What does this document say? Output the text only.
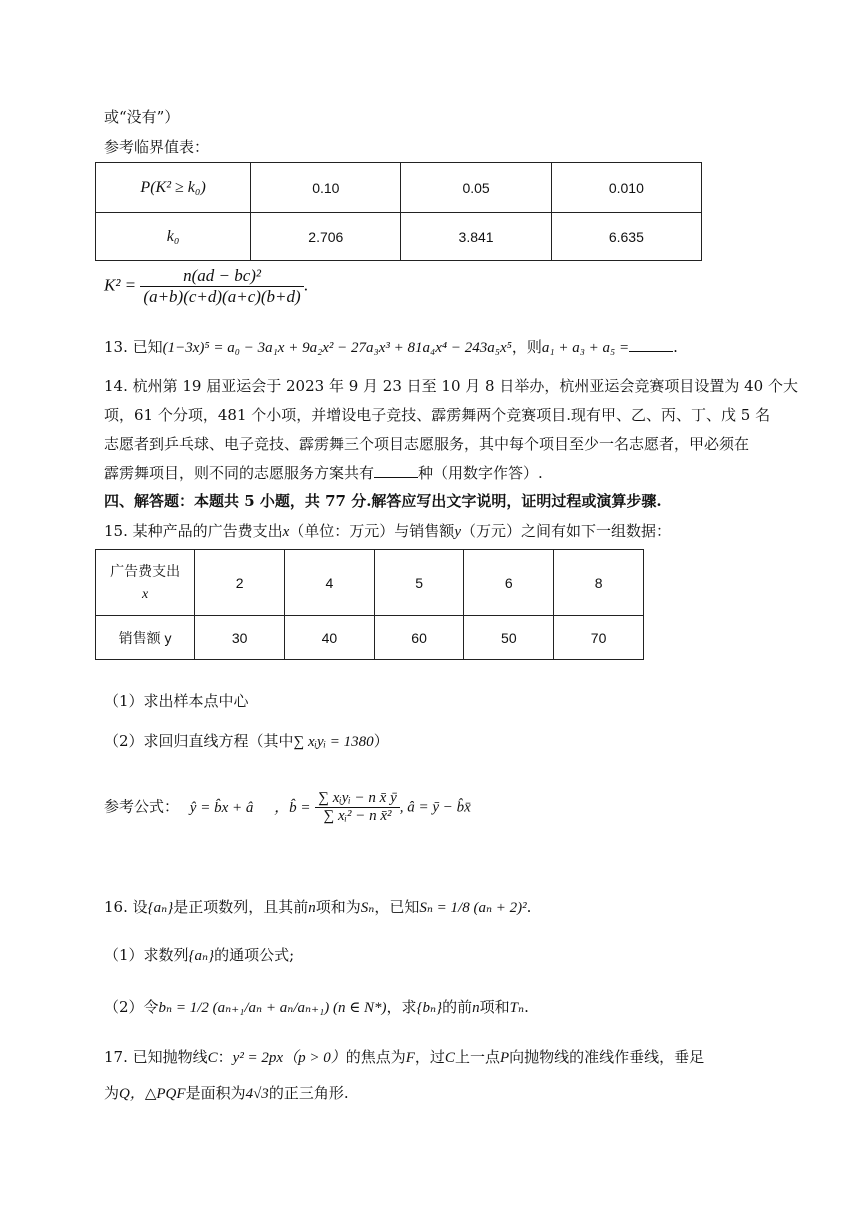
或“没有”）
参考临界值表：
P(K² ≥ k₀)	0.10	0.05	0.010
k₀	2.706	3.841	6.635
$K^2 = \frac{\text{n(ad − bc)²}}{(a+b)(c+d)(a+c)(b+d)}$ .
13. 已知(1−3x)⁵ = a₀ − 3a₁x + 9a₂x² − 27a₃x³ + 81a₄x⁴ − 243a₅x⁵，则a₁ + a₃ + a₅ =	.
14. 杭州第 19 届亚运会于 2023 年 9 月 23 日至 10 月 8 日举办，杭州亚运会竞赛项目设置为 40 个大
项，61 个分项，481 个小项，并增设电子竞技、霹雳舞两个竞赛项目.现有甲、乙、丙、丁、戊 5 名
志愿者到乒乓球、电子竞技、霹雳舞三个项目志愿服务，其中每个项目至少一名志愿者，甲必须在
霹雳舞项目，则不同的志愿服务方案共有	种（用数字作答）.
四、解答题：本题共 5 小题，共 77 分.解答应写出文字说明，证明过程或演算步骤.
15. 某种产品的广告费支出x（单位：万元）与销售额y（万元）之间有如下一组数据：
广告费支出
x	2	4	5	6	8
销售额 y	30	40	60	50	70
（1）求出样本点中心
（2）求回归直线方程（其中∑ xᵢyᵢ = 1380）
参考公式： ŷ = b̂x + â ，b̂ = $\frac{\text{∑ xᵢyᵢ − n x̄ ȳ}}{\text{∑ xᵢ² − n x̄²}}$ , â = ȳ − b̂x̄
16. 设{aₙ}是正项数列，且其前n项和为Sₙ，已知Sₙ = 1/8 (aₙ + 2)².
（1）求数列{aₙ}的通项公式;
（2）令bₙ = 1/2 (aₙ₊₁/aₙ + aₙ/aₙ₊₁) (n ∈ N*)，求{bₙ}的前n项和Tₙ.
17. 已知抛物线C：y² = 2px（p > 0）的焦点为F，过C上一点P向抛物线的准线作垂线，垂足
为Q，△PQF是面积为4√3的正三角形.
